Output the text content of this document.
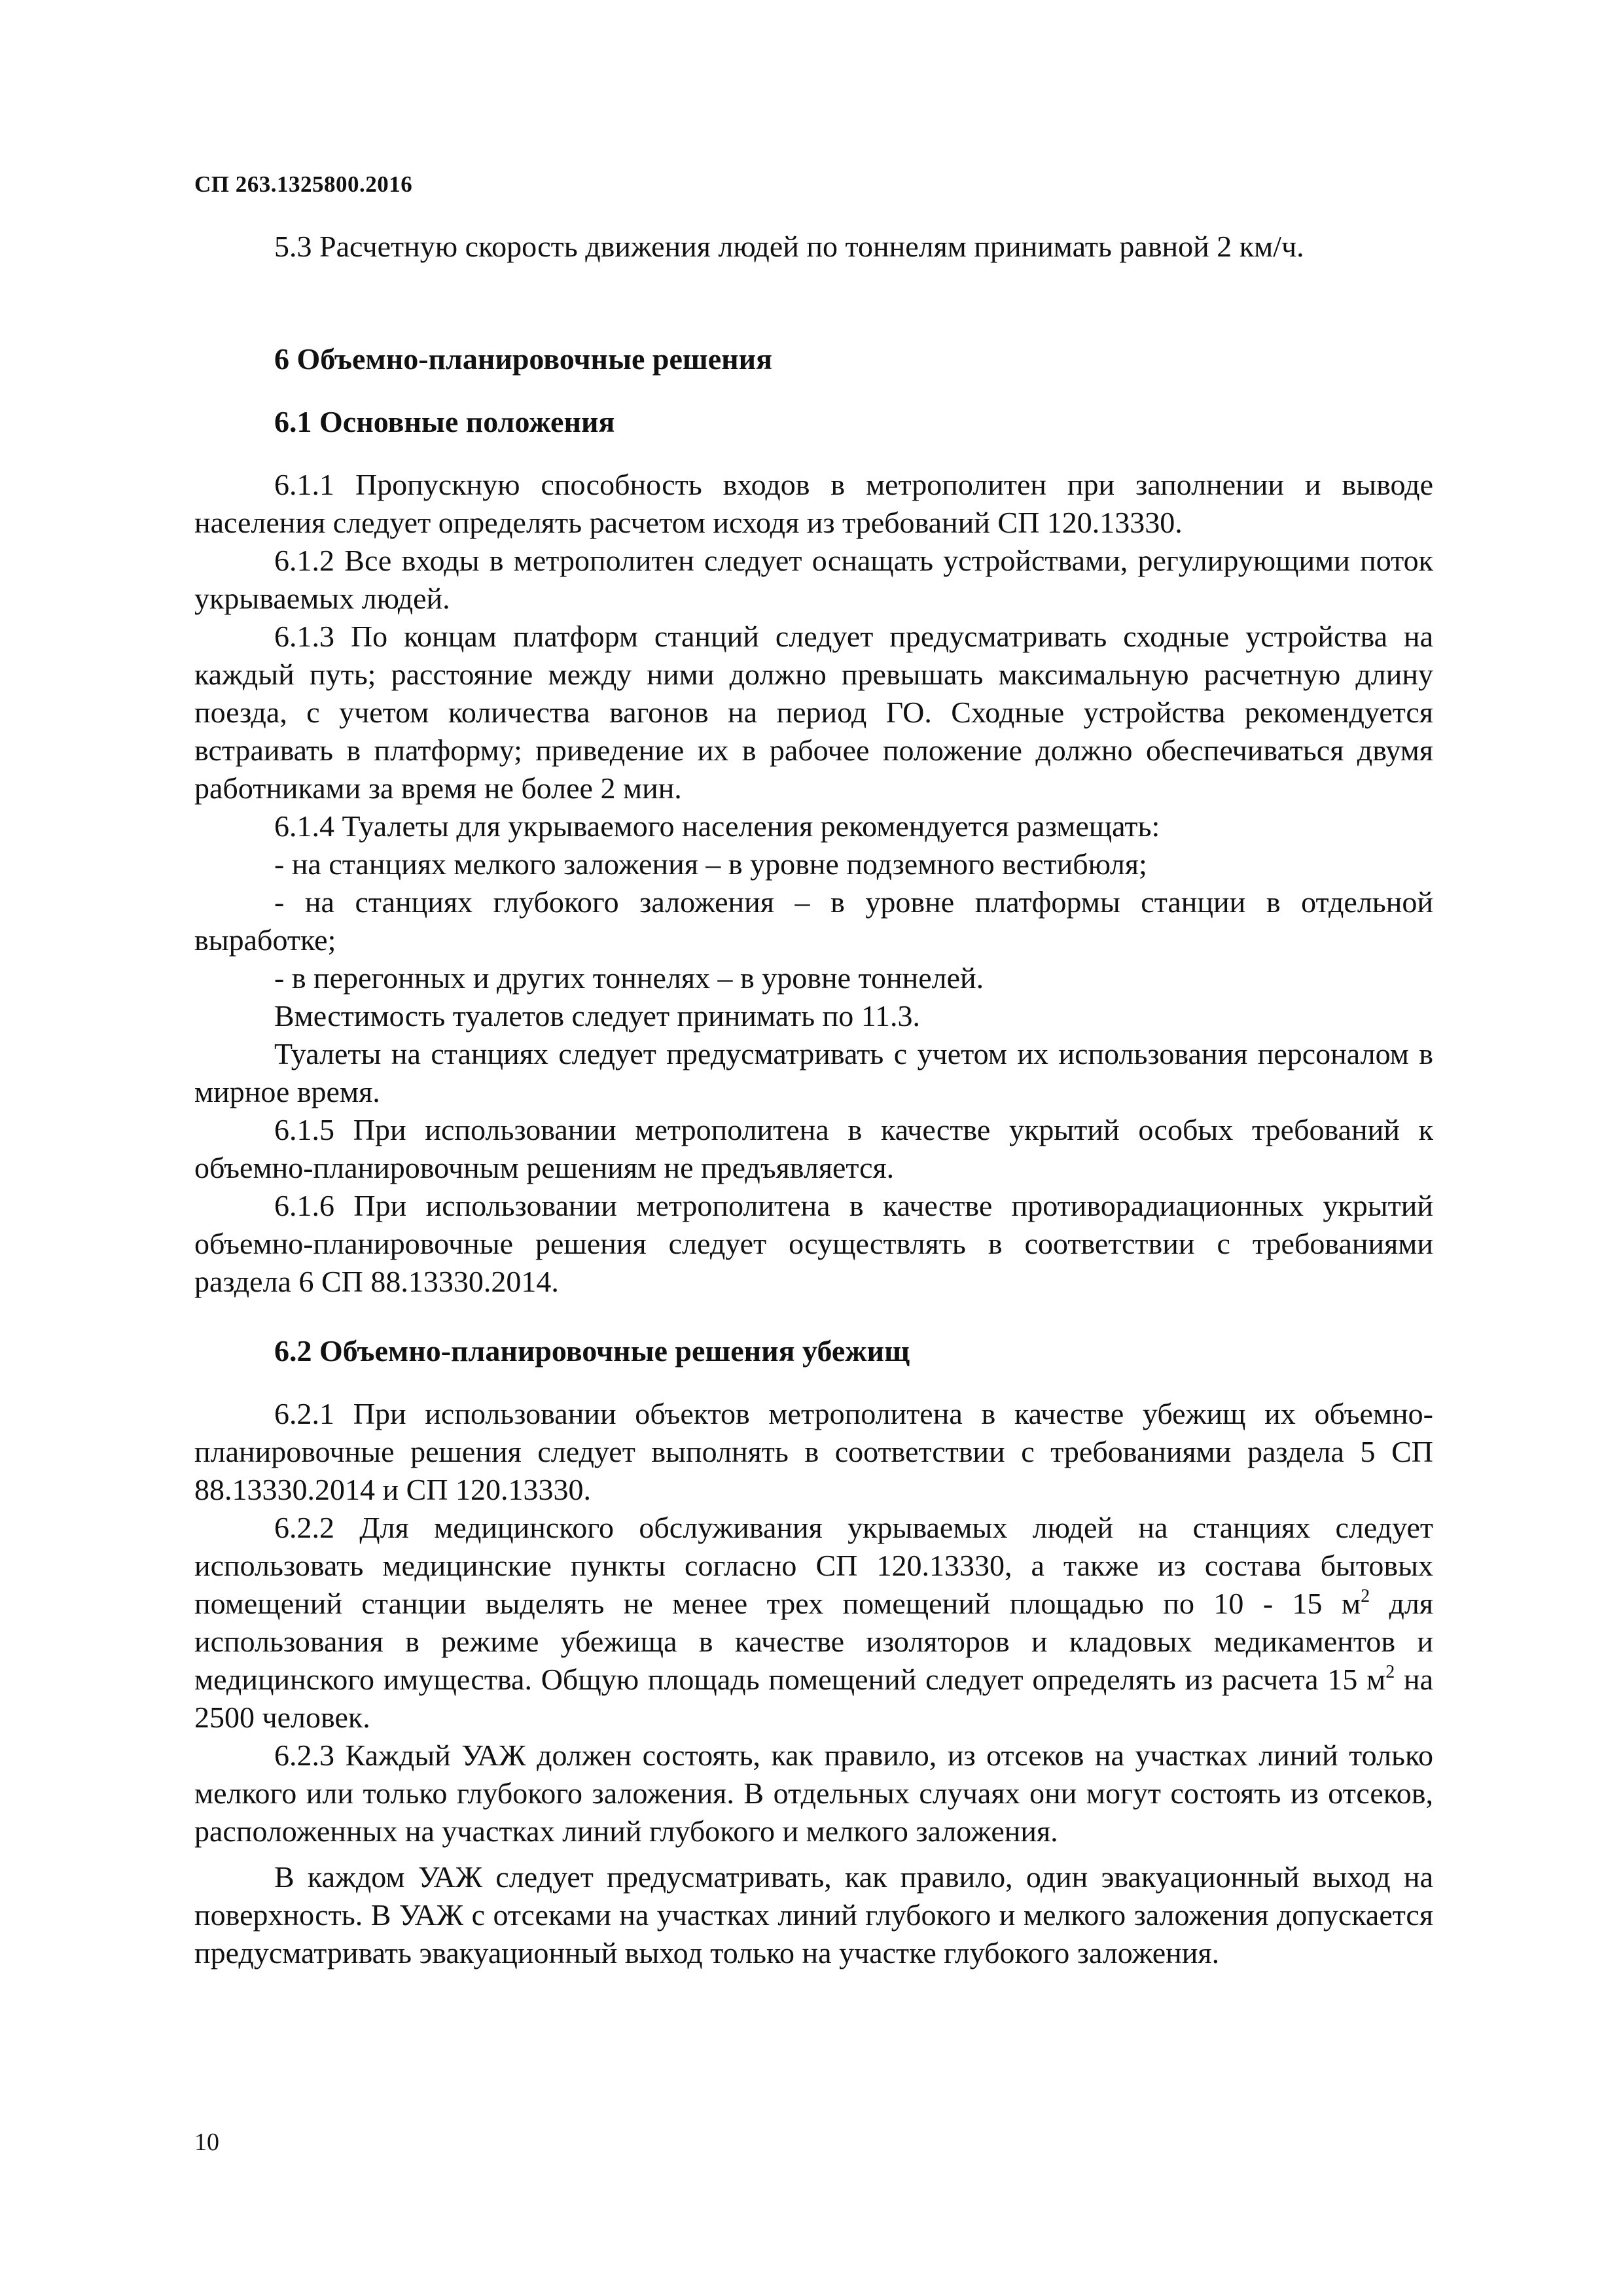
СП 263.1325800.2016

5.3 Расчетную скорость движения людей по тоннелям принимать равной 2 км/ч.

6 Объемно-планировочные решения

6.1 Основные положения

6.1.1 Пропускную способность входов в метрополитен при заполнении и выводе населения следует определять расчетом исходя из требований СП 120.13330.

6.1.2 Все входы в метрополитен следует оснащать устройствами, регулирующими поток укрываемых людей.

6.1.3 По концам платформ станций следует предусматривать сходные устройства на каждый путь; расстояние между ними должно превышать максимальную расчетную длину поезда, с учетом количества вагонов на период ГО. Сходные устройства рекомендуется встраивать в платформу; приведение их в рабочее положение должно обеспечиваться двумя работниками за время не более 2 мин.

6.1.4 Туалеты для укрываемого населения рекомендуется размещать:

- на станциях мелкого заложения – в уровне подземного вестибюля;

- на станциях глубокого заложения – в уровне платформы станции в отдельной выработке;

- в перегонных и других тоннелях – в уровне тоннелей.

Вместимость туалетов следует принимать по 11.3.

Туалеты на станциях следует предусматривать с учетом их использования персоналом в мирное время.

6.1.5 При использовании метрополитена в качестве укрытий особых требований к объемно-планировочным решениям не предъявляется.

6.1.6 При использовании метрополитена в качестве противорадиационных укрытий объемно-планировочные решения следует осуществлять в соответствии с требованиями раздела 6 СП 88.13330.2014.

6.2 Объемно-планировочные решения убежищ

6.2.1 При использовании объектов метрополитена в качестве убежищ их объемно-планировочные решения следует выполнять в соответствии с требованиями раздела 5 СП 88.13330.2014 и СП 120.13330.

6.2.2 Для медицинского обслуживания укрываемых людей на станциях следует использовать медицинские пункты согласно СП 120.13330, а также из состава бытовых помещений станции выделять не менее трех помещений площадью по 10 - 15 $м^2$ для использования в режиме убежища в качестве изоляторов и кладовых медикаментов и медицинского имущества. Общую площадь помещений следует определять из расчета 15 $м^2$ на 2500 человек.

6.2.3 Каждый УАЖ должен состоять, как правило, из отсеков на участках линий только мелкого или только глубокого заложения. В отдельных случаях они могут состоять из отсеков, расположенных на участках линий глубокого и мелкого заложения.

В каждом УАЖ следует предусматривать, как правило, один эвакуационный выход на поверхность. В УАЖ с отсеками на участках линий глубокого и мелкого заложения допускается предусматривать эвакуационный выход только на участке глубокого заложения.

10
